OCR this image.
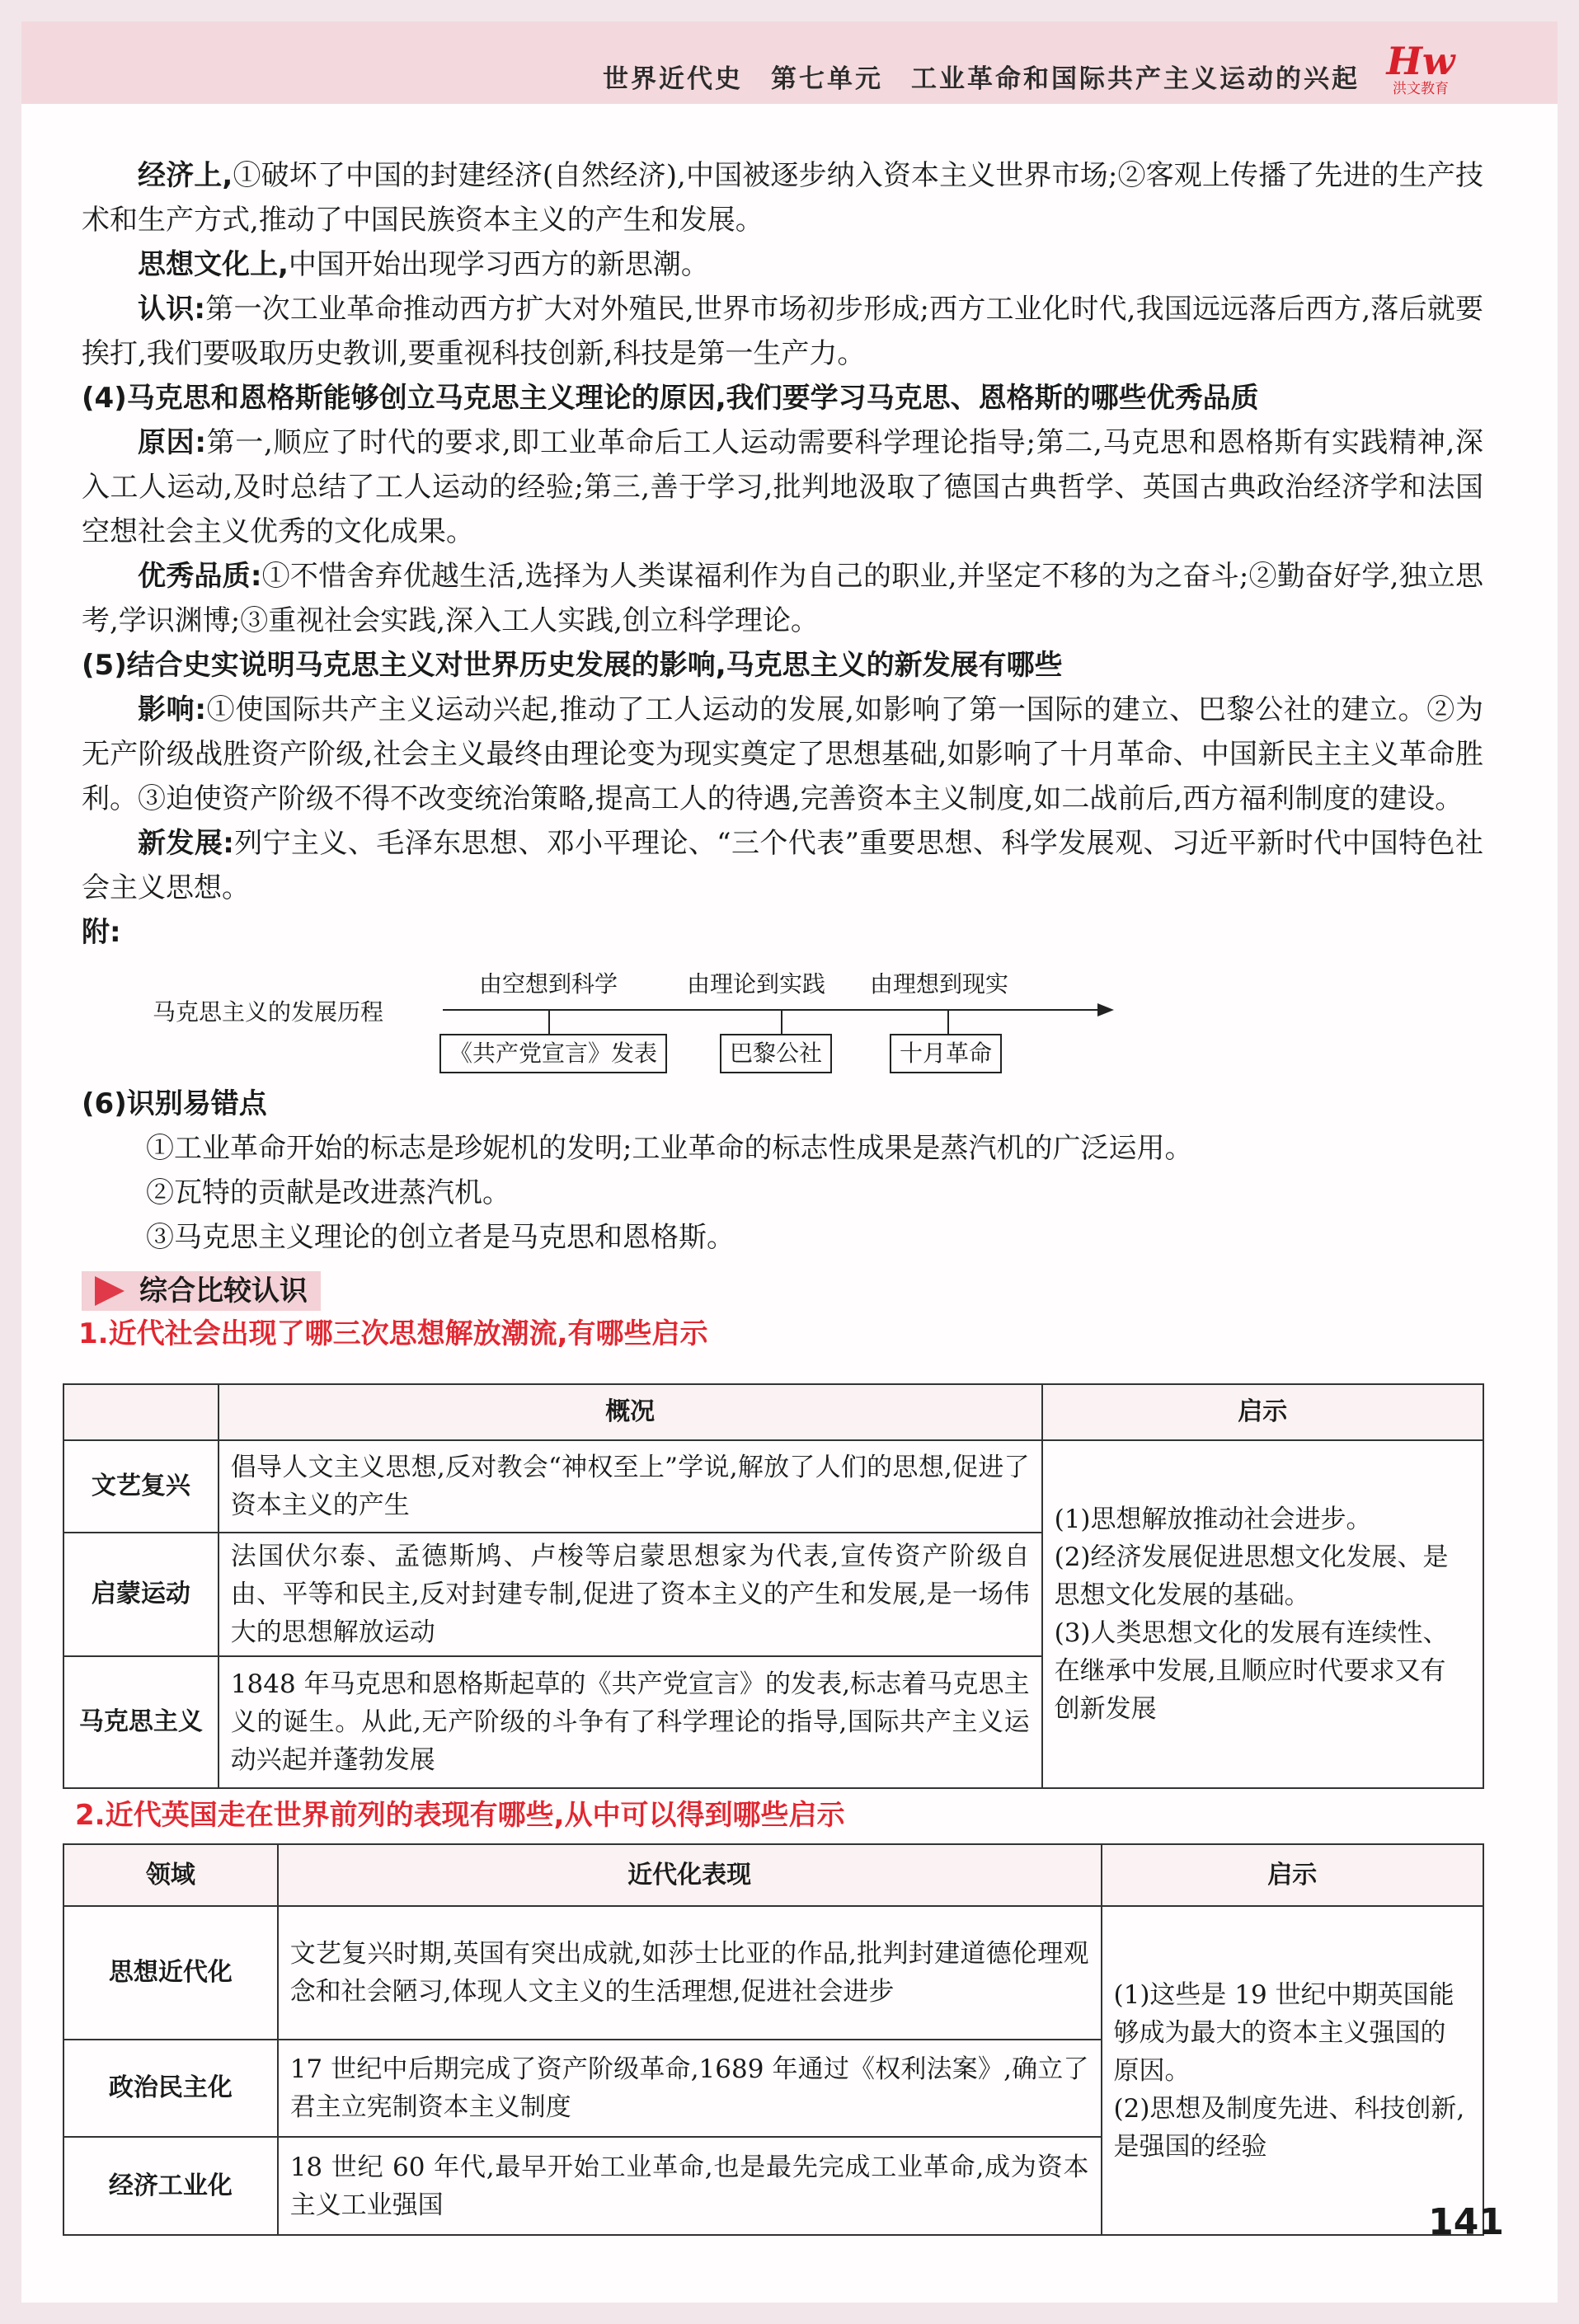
世界近代史　第七单元　工业革命和国际共产主义运动的兴起 Hw
洪文教育

经济上,①破坏了中国的封建经济(自然经济),中国被逐步纳入资本主义世界市场;②客观上传播了先进的生产技术和生产方式,推动了中国民族资本主义的产生和发展。

思想文化上,中国开始出现学习西方的新思潮。

认识:第一次工业革命推动西方扩大对外殖民,世界市场初步形成;西方工业化时代,我国远远落后西方,落后就要挨打,我们要吸取历史教训,要重视科技创新,科技是第一生产力。

(4)马克思和恩格斯能够创立马克思主义理论的原因,我们要学习马克思、恩格斯的哪些优秀品质

原因:第一,顺应了时代的要求,即工业革命后工人运动需要科学理论指导;第二,马克思和恩格斯有实践精神,深入工人运动,及时总结了工人运动的经验;第三,善于学习,批判地汲取了德国古典哲学、英国古典政治经济学和法国空想社会主义优秀的文化成果。

优秀品质:①不惜舍弃优越生活,选择为人类谋福利作为自己的职业,并坚定不移的为之奋斗;②勤奋好学,独立思考,学识渊博;③重视社会实践,深入工人实践,创立科学理论。

(5)结合史实说明马克思主义对世界历史发展的影响,马克思主义的新发展有哪些

影响:①使国际共产主义运动兴起,推动了工人运动的发展,如影响了第一国际的建立、巴黎公社的建立。②为无产阶级战胜资产阶级,社会主义最终由理论变为现实奠定了思想基础,如影响了十月革命、中国新民主主义革命胜利。③迫使资产阶级不得不改变统治策略,提高工人的待遇,完善资本主义制度,如二战前后,西方福利制度的建设。

新发展:列宁主义、毛泽东思想、邓小平理论、“三个代表”重要思想、科学发展观、习近平新时代中国特色社会主义思想。

附:

马克思主义的发展历程
由空想到科学	由理论到实践 由理想到现实
《共产党宣言》发表	巴黎公社	十月革命

(6)识别易错点

①工业革命开始的标志是珍妮机的发明;工业革命的标志性成果是蒸汽机的广泛运用。

②瓦特的贡献是改进蒸汽机。

③马克思主义理论的创立者是马克思和恩格斯。

综合比较认识

1.近代社会出现了哪三次思想解放潮流,有哪些启示

	概况	启示
文艺复兴	倡导人文主义思想,反对教会“神权至上”学说,解放了人们的思想,促进了资本主义的产生	(1)思想解放推动社会进步。
(2)经济发展促进思想文化发展、是思想文化发展的基础。
(3)人类思想文化的发展有连续性、在继承中发展,且顺应时代要求又有创新发展

启蒙运动	法国伏尔泰、孟德斯鸠、卢梭等启蒙思想家为代表,宣传资产阶级自由、平等和民主,反对封建专制,促进了资本主义的产生和发展,是一场伟大的思想解放运动	
马克思主义	1848 年马克思和恩格斯起草的《共产党宣言》的发表,标志着马克思主义的诞生。从此,无产阶级的斗争有了科学理论的指导,国际共产主义运动兴起并蓬勃发展	

2.近代英国走在世界前列的表现有哪些,从中可以得到哪些启示

领域	近代化表现	启示
思想近代化	文艺复兴时期,英国有突出成就,如莎士比亚的作品,批判封建道德伦理观念和社会陋习,体现人文主义的生活理想,促进社会进步	(1)这些是 19 世纪中期英国能够成为最大的资本主义强国的原因。
(2)思想及制度先进、科技创新,是强国的经验

政治民主化	17 世纪中后期完成了资产阶级革命,1689 年通过《权利法案》,确立了君主立宪制资本主义制度	
经济工业化	18 世纪 60 年代,最早开始工业革命,也是最先完成工业革命,成为资本主义工业强国		141
